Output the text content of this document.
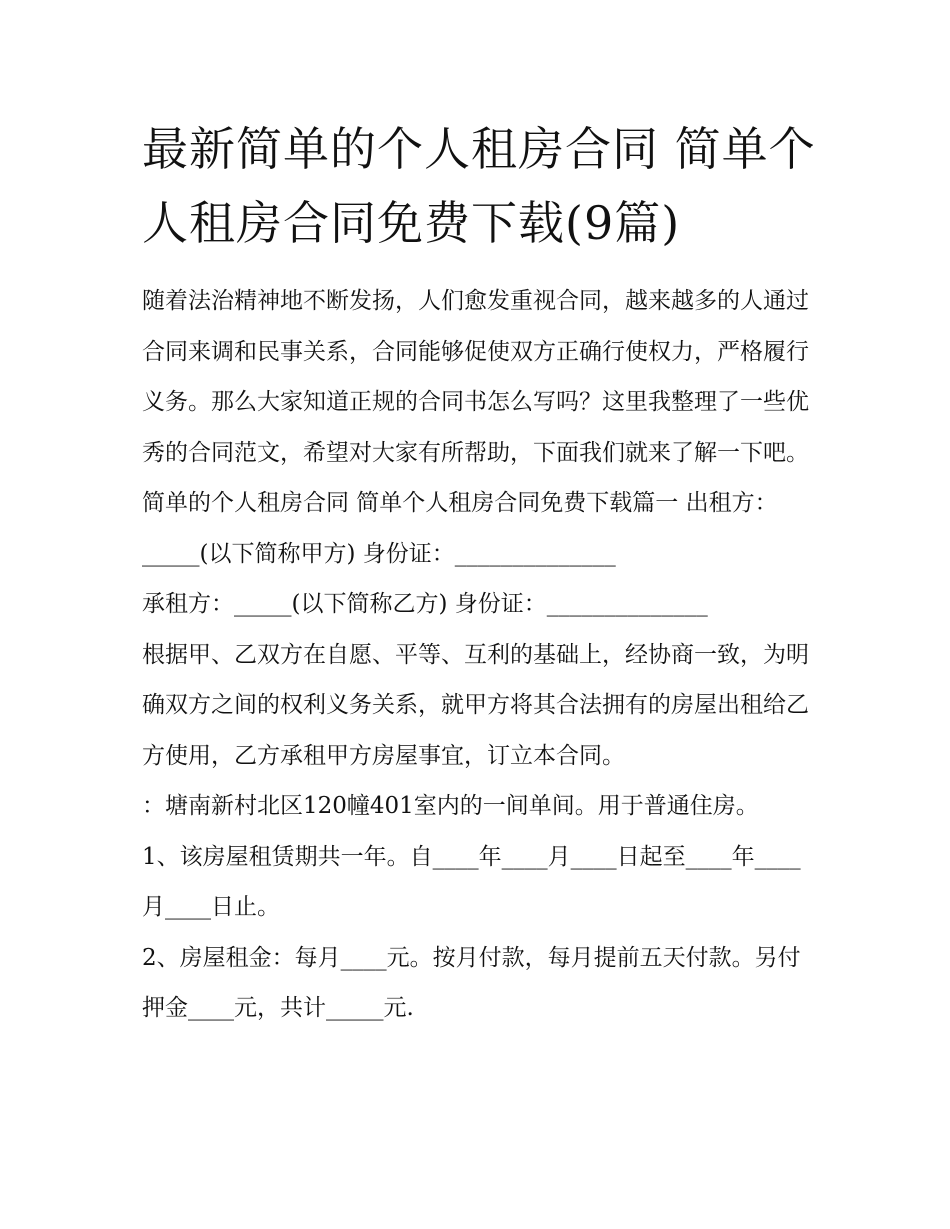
最新简单的个人租房合同 简单个人租房合同免费下载(9篇)

随着法治精神地不断发扬，人们愈发重视合同，越来越多的人通过合同来调和民事关系，合同能够促使双方正确行使权力，严格履行义务。那么大家知道正规的合同书怎么写吗？这里我整理了一些优秀的合同范文，希望对大家有所帮助，下面我们就来了解一下吧。

简单的个人租房合同 简单个人租房合同免费下载篇一 出租方：_____(以下简称甲方) 身份证：______________

承租方：_____(以下简称乙方) 身份证：______________

根据甲、乙双方在自愿、平等、互利的基础上，经协商一致，为明确双方之间的权利义务关系，就甲方将其合法拥有的房屋出租给乙方使用，乙方承租甲方房屋事宜，订立本合同。

：塘南新村北区120幢401室内的一间单间。用于普通住房。

1、该房屋租赁期共一年。自____年____月____日起至____年____月____日止。

2、房屋租金：每月____元。按月付款，每月提前五天付款。另付押金____元，共计_____元.
